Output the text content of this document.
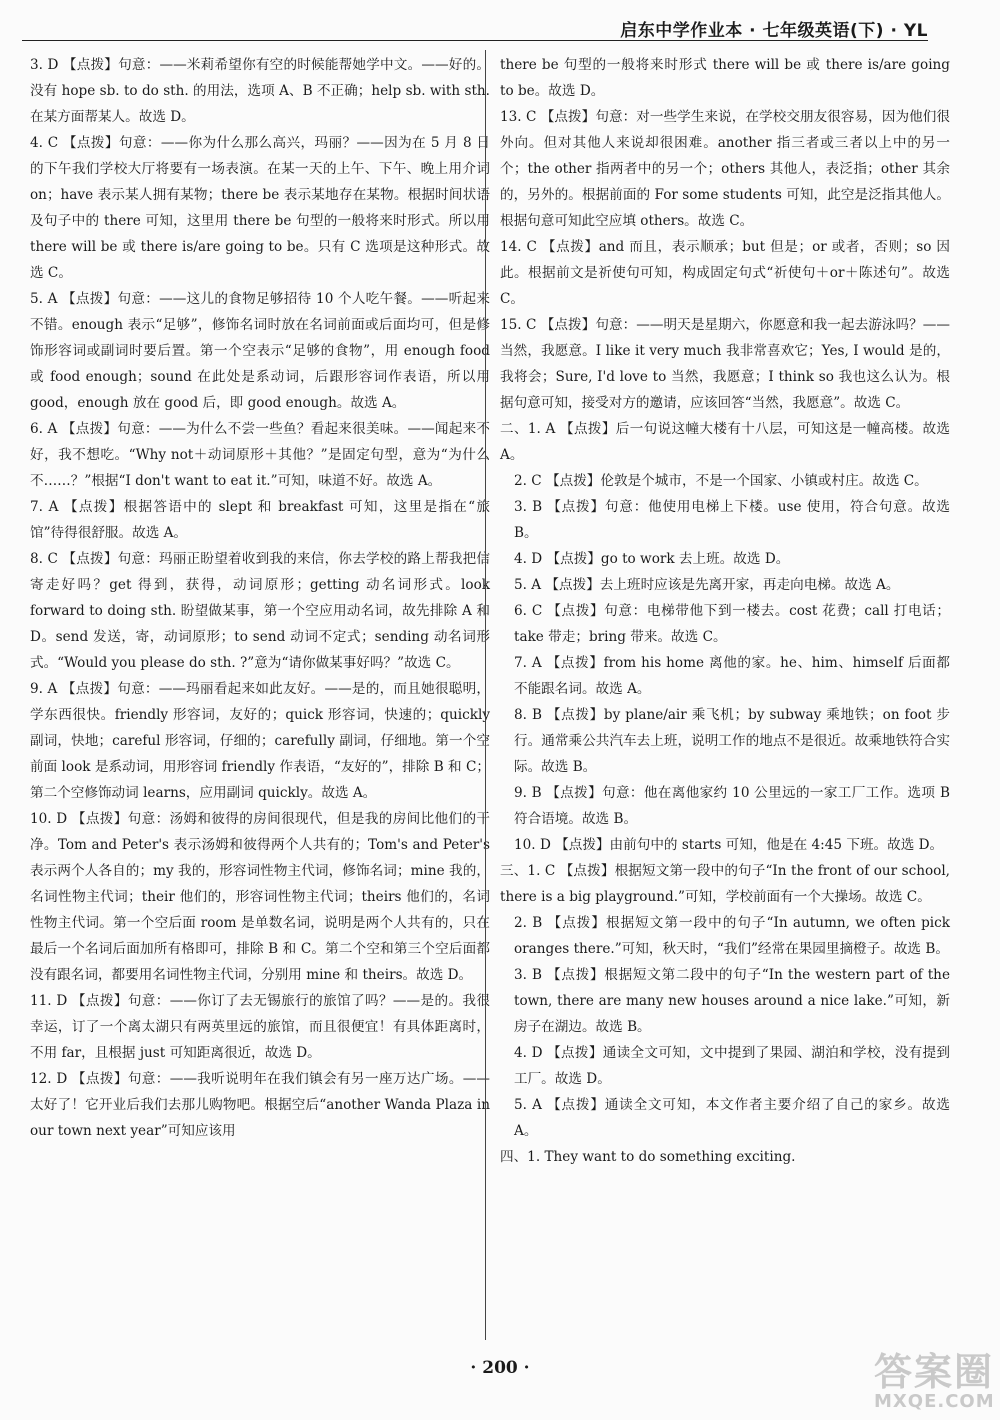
启东中学作业本 · 七年级英语(下) · YL
3. D 【点拨】句意：——米莉希望你有空的时候能帮她学中文。——好的。没有 hope sb. to do sth. 的用法，选项 A、B 不正确；help sb. with sth. 在某方面帮某人。故选 D。
4. C 【点拨】句意：——你为什么那么高兴，玛丽？——因为在 5 月 8 日的下午我们学校大厅将要有一场表演。在某一天的上午、下午、晚上用介词 on；have 表示某人拥有某物；there be 表示某地存在某物。根据时间状语及句子中的 there 可知，这里用 there be 句型的一般将来时形式。所以用 there will be 或 there is/are going to be。只有 C 选项是这种形式。故选 C。
5. A 【点拨】句意：——这儿的食物足够招待 10 个人吃午餐。——听起来不错。enough 表示“足够”，修饰名词时放在名词前面或后面均可，但是修饰形容词或副词时要后置。第一个空表示“足够的食物”，用 enough food 或 food enough；sound 在此处是系动词，后跟形容词作表语，所以用 good，enough 放在 good 后，即 good enough。故选 A。
6. A 【点拨】句意：——为什么不尝一些鱼？看起来很美味。——闻起来不好，我不想吃。“Why not＋动词原形＋其他？”是固定句型，意为“为什么不……？”根据“I don't want to eat it.”可知，味道不好。故选 A。
7. A 【点拨】根据答语中的 slept 和 breakfast 可知，这里是指在“旅馆”待得很舒服。故选 A。
8. C 【点拨】句意：玛丽正盼望着收到我的来信，你去学校的路上帮我把信寄走好吗？get 得到，获得，动词原形；getting 动名词形式。look forward to doing sth. 盼望做某事，第一个空应用动名词，故先排除 A 和 D。send 发送，寄，动词原形；to send 动词不定式；sending 动名词形式。“Would you please do sth. ?”意为“请你做某事好吗？”故选 C。
9. A 【点拨】句意：——玛丽看起来如此友好。——是的，而且她很聪明，学东西很快。friendly 形容词，友好的；quick 形容词，快速的；quickly 副词，快地；careful 形容词，仔细的；carefully 副词，仔细地。第一个空前面 look 是系动词，用形容词 friendly 作表语，“友好的”，排除 B 和 C；第二个空修饰动词 learns，应用副词 quickly。故选 A。
10. D 【点拨】句意：汤姆和彼得的房间很现代，但是我的房间比他们的干净。Tom and Peter's 表示汤姆和彼得两个人共有的；Tom's and Peter's 表示两个人各自的；my 我的，形容词性物主代词，修饰名词；mine 我的，名词性物主代词；their 他们的，形容词性物主代词；theirs 他们的，名词性物主代词。第一个空后面 room 是单数名词，说明是两个人共有的，只在最后一个名词后面加所有格即可，排除 B 和 C。第二个空和第三个空后面都没有跟名词，都要用名词性物主代词，分别用 mine 和 theirs。故选 D。
11. D 【点拨】句意：——你订了去无锡旅行的旅馆了吗？——是的。我很幸运，订了一个离太湖只有两英里远的旅馆，而且很便宜！有具体距离时，不用 far，且根据 just 可知距离很近，故选 D。
12. D 【点拨】句意：——我听说明年在我们镇会有另一座万达广场。——太好了！它开业后我们去那儿购物吧。根据空后“another Wanda Plaza in our town next year”可知应该用
there be 句型的一般将来时形式 there will be 或 there is/are going to be。故选 D。
13. C 【点拨】句意：对一些学生来说，在学校交朋友很容易，因为他们很外向。但对其他人来说却很困难。another 指三者或三者以上中的另一个；the other 指两者中的另一个；others 其他人，表泛指；other 其余的，另外的。根据前面的 For some students 可知，此空是泛指其他人。根据句意可知此空应填 others。故选 C。
14. C 【点拨】and 而且，表示顺承；but 但是；or 或者，否则；so 因此。根据前文是祈使句可知，构成固定句式“祈使句＋or＋陈述句”。故选 C。
15. C 【点拨】句意：——明天是星期六，你愿意和我一起去游泳吗？——当然，我愿意。I like it very much 我非常喜欢它；Yes, I would 是的，我将会；Sure, I'd love to 当然，我愿意；I think so 我也这么认为。根据句意可知，接受对方的邀请，应该回答“当然，我愿意”。故选 C。
二、1. A 【点拨】后一句说这幢大楼有十八层，可知这是一幢高楼。故选 A。
2. C 【点拨】伦敦是个城市，不是一个国家、小镇或村庄。故选 C。
3. B 【点拨】句意：他使用电梯上下楼。use 使用，符合句意。故选 B。
4. D 【点拨】go to work 去上班。故选 D。
5. A 【点拨】去上班时应该是先离开家，再走向电梯。故选 A。
6. C 【点拨】句意：电梯带他下到一楼去。cost 花费；call 打电话；take 带走；bring 带来。故选 C。
7. A 【点拨】from his home 离他的家。he、him、himself 后面都不能跟名词。故选 A。
8. B 【点拨】by plane/air 乘飞机；by subway 乘地铁；on foot 步行。通常乘公共汽车去上班，说明工作的地点不是很近。故乘地铁符合实际。故选 B。
9. B 【点拨】句意：他在离他家约 10 公里远的一家工厂工作。选项 B 符合语境。故选 B。
10. D 【点拨】由前句中的 starts 可知，他是在 4:45 下班。故选 D。
三、1. C 【点拨】根据短文第一段中的句子“In the front of our school, there is a big playground.”可知，学校前面有一个大操场。故选 C。
2. B 【点拨】根据短文第一段中的句子“In autumn, we often pick oranges there.”可知，秋天时，“我们”经常在果园里摘橙子。故选 B。
3. B 【点拨】根据短文第二段中的句子“In the western part of the town, there are many new houses around a nice lake.”可知，新房子在湖边。故选 B。
4. D 【点拨】通读全文可知，文中提到了果园、湖泊和学校，没有提到工厂。故选 D。
5. A 【点拨】通读全文可知，本文作者主要介绍了自己的家乡。故选 A。
四、1. They want to do something exciting.
· 200 ·	答案圈
MXQE.COM
